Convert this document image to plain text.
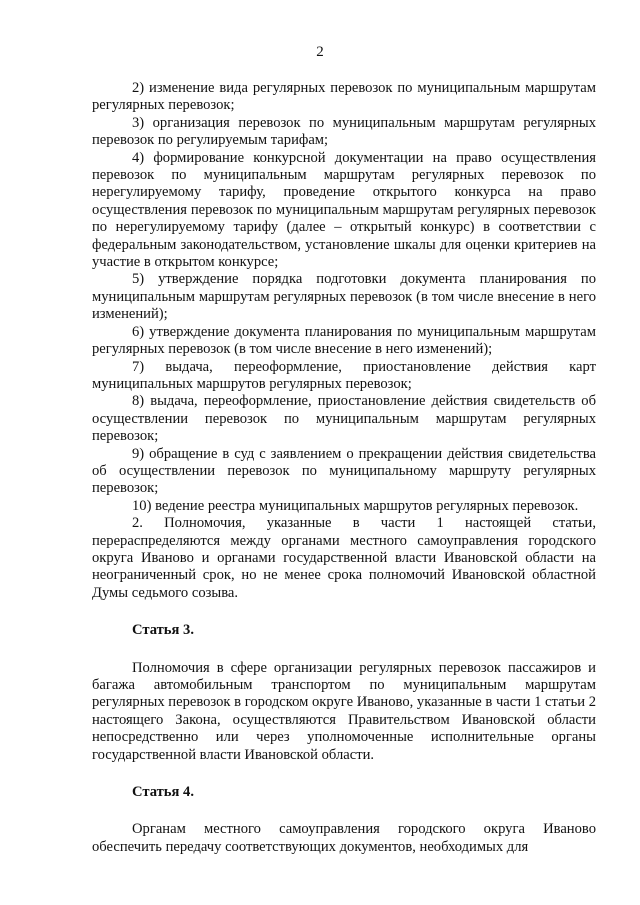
2

2) изменение вида регулярных перевозок по муниципальным маршрутам регулярных перевозок;

3) организация перевозок по муниципальным маршрутам регулярных перевозок по регулируемым тарифам;

4) формирование конкурсной документации на право осуществления перевозок по муниципальным маршрутам регулярных перевозок по нерегулируемому тарифу, проведение открытого конкурса на право осуществления перевозок по муниципальным маршрутам регулярных перевозок по нерегулируемому тарифу (далее – открытый конкурс) в соответствии с федеральным законодательством, установление шкалы для оценки критериев на участие в открытом конкурсе;

5) утверждение порядка подготовки документа планирования по муниципальным маршрутам регулярных перевозок (в том числе внесение в него изменений);

6) утверждение документа планирования по муниципальным маршрутам регулярных перевозок (в том числе внесение в него изменений);

7) выдача, переоформление, приостановление действия карт муниципальных маршрутов регулярных перевозок;

8) выдача, переоформление, приостановление действия свидетельств об осуществлении перевозок по муниципальным маршрутам регулярных перевозок;

9) обращение в суд с заявлением о прекращении действия свидетельства об осуществлении перевозок по муниципальному маршруту регулярных перевозок;

10) ведение реестра муниципальных маршрутов регулярных перевозок.

2. Полномочия, указанные в части 1 настоящей статьи, перераспределяются между органами местного самоуправления городского округа Иваново и органами государственной власти Ивановской области на неограниченный срок, но не менее срока полномочий Ивановской областной Думы седьмого созыва.

Статья 3.

Полномочия в сфере организации регулярных перевозок пассажиров и багажа автомобильным транспортом по муниципальным маршрутам регулярных перевозок в городском округе Иваново, указанные в части 1 статьи 2 настоящего Закона, осуществляются Правительством Ивановской области непосредственно или через уполномоченные исполнительные органы государственной власти Ивановской области.

Статья 4.

Органам местного самоуправления городского округа Иваново обеспечить передачу соответствующих документов, необходимых для
